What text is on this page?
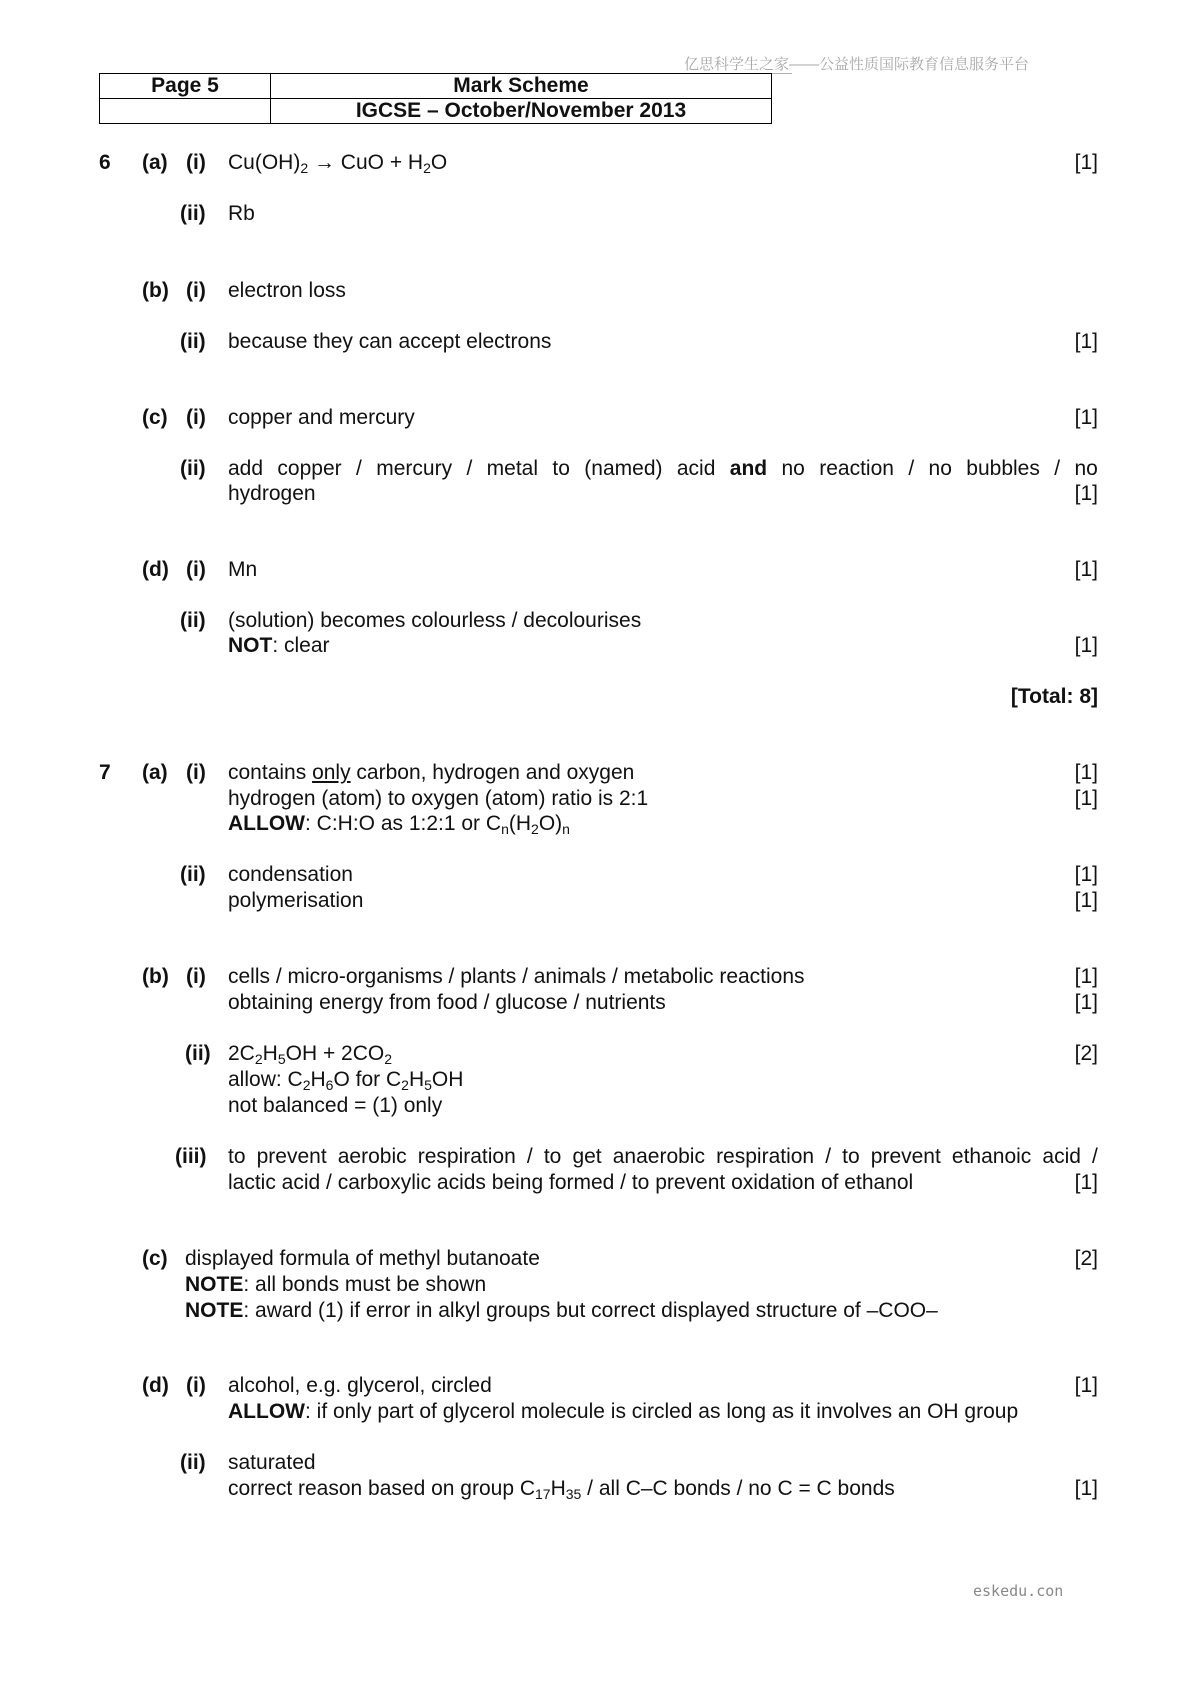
亿思科学生之家——公益性质国际教育信息服务平台
Page 5	Mark Scheme
	IGCSE – October/November 2013
6 (a) (i) $Cu(OH)_2$ → CuO + $H_2O$	[1]
(ii) Rb
(b) (i) electron loss
(ii) because they can accept electrons	[1]
(c) (i) copper and mercury	[1]
(ii) add copper / mercury / metal to (named) acid and no reaction / no bubbles / no
hydrogen	[1]
(d) (i) Mn	[1]
(ii) (solution) becomes colourless / decolourises
NOT: clear	[1]
[Total: 8]
7 (a) (i) contains only carbon, hydrogen and oxygen	[1]
hydrogen (atom) to oxygen (atom) ratio is 2:1	[1]
ALLOW: C:H:O as 1:2:1 or $C_n(H_2O)_n$
(ii) condensation	[1]
polymerisation	[1]
(b) (i) cells / micro-organisms / plants / animals / metabolic reactions	[1]
obtaining energy from food / glucose / nutrients	[1]
(ii) $2C_2H_5OH + 2CO_2$	[2]
allow: $C_2H_6O$ for $C_2H_5OH$
not balanced = (1) only
(iii) to prevent aerobic respiration / to get anaerobic respiration / to prevent ethanoic acid /
lactic acid / carboxylic acids being formed / to prevent oxidation of ethanol	[1]
(c) displayed formula of methyl butanoate	[2]
NOTE: all bonds must be shown
NOTE: award (1) if error in alkyl groups but correct displayed structure of –COO–
(d) (i) alcohol, e.g. glycerol, circled	[1]
ALLOW: if only part of glycerol molecule is circled as long as it involves an OH group
(ii) saturated
correct reason based on group $C_{17}H_{35}$ / all C–C bonds / no C = C bonds	[1]
eskedu.con
